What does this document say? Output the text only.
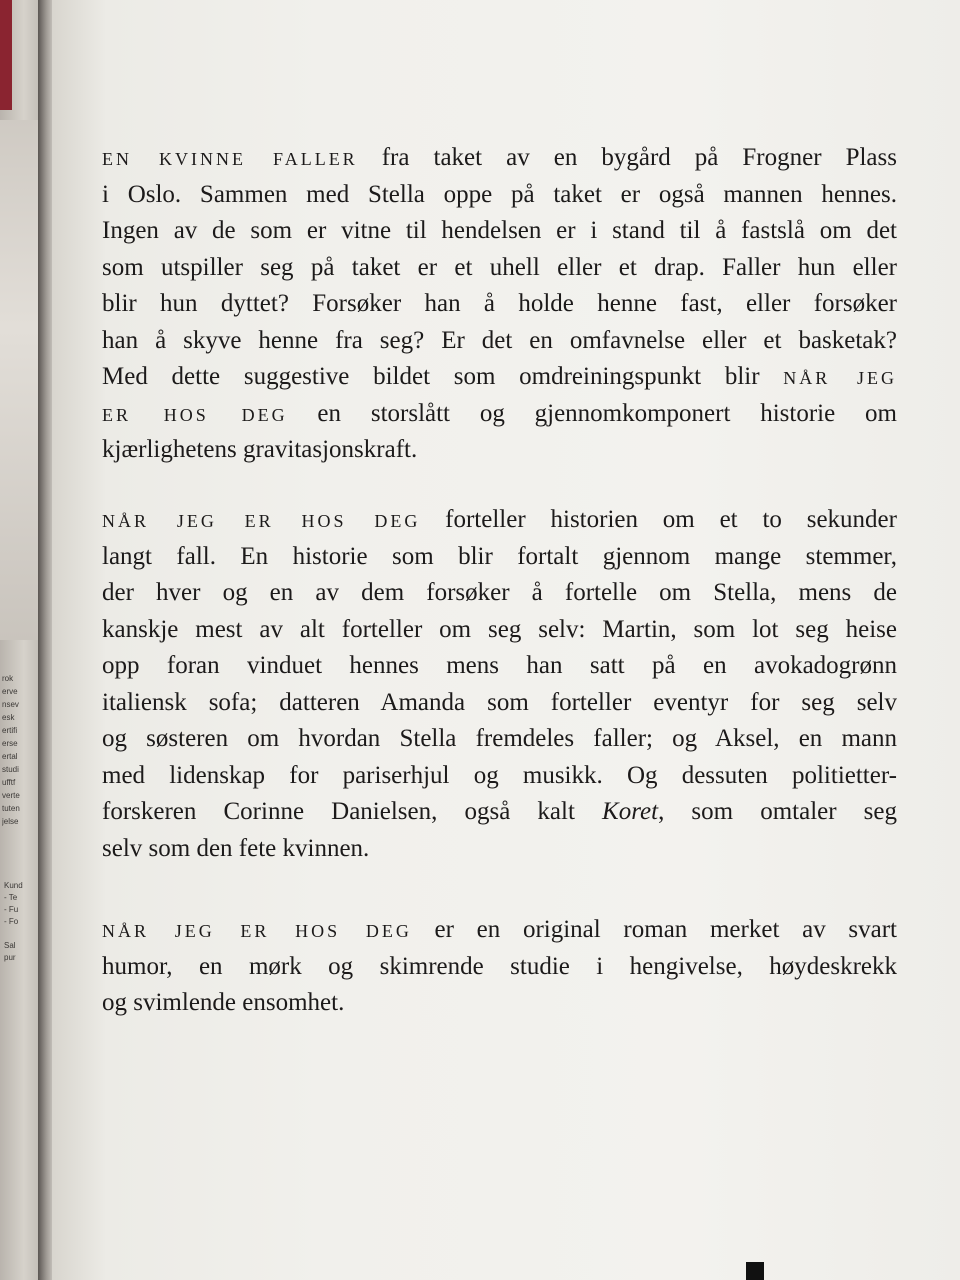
rok
erve
nsev
esk
ertifi
erse
ertal
studi
ufftf
verte
tuten
jelse
Kund
- Te
- Fu
- Fo

Sal
pur
en kvinne faller fra taket av en bygård på Frogner Plass
i Oslo. Sammen med Stella oppe på taket er også mannen hennes.
Ingen av de som er vitne til hendelsen er i stand til å fastslå om det
som utspiller seg på taket er et uhell eller et drap. Faller hun eller
blir hun dyttet? Forsøker han å holde henne fast, eller forsøker
han å skyve henne fra seg? Er det en omfavnelse eller et basketak?
Med dette suggestive bildet som omdreiningspunkt blir når jeg
er hos deg en storslått og gjennomkomponert historie om
kjærlighetens gravitasjonskraft.
når jeg er hos deg forteller historien om et to sekunder
langt fall. En historie som blir fortalt gjennom mange stemmer,
der hver og en av dem forsøker å fortelle om Stella, mens de
kanskje mest av alt forteller om seg selv: Martin, som lot seg heise
opp foran vinduet hennes mens han satt på en avokadogrønn
italiensk sofa; datteren Amanda som forteller eventyr for seg selv
og søsteren om hvordan Stella fremdeles faller; og Aksel, en mann
med lidenskap for pariserhjul og musikk. Og dessuten politietter-
forskeren Corinne Danielsen, også kalt Koret, som omtaler seg
selv som den fete kvinnen.
når jeg er hos deg er en original roman merket av svart
humor, en mørk og skimrende studie i hengivelse, høydeskrekk
og svimlende ensomhet.
